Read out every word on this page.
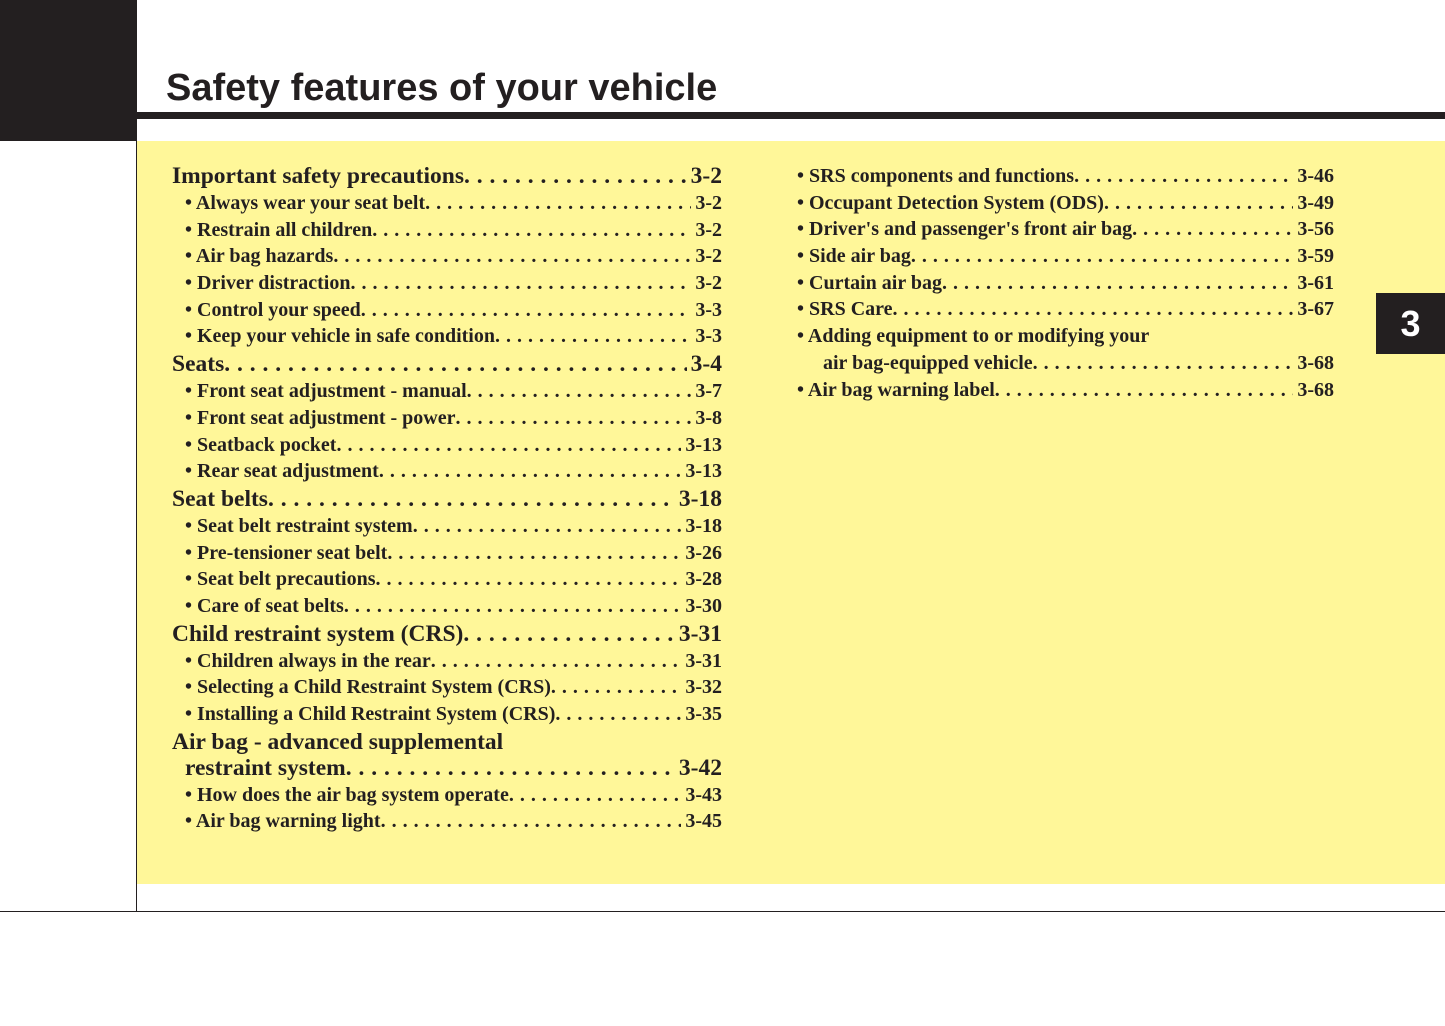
Safety features of your vehicle
3
Important safety precautions . . .	3-2
• Always wear your seat belt . . .	3-2
• Restrain all children . . .	3-2
• Air bag hazards . . .	3-2
• Driver distraction . . .	3-2
• Control your speed . . .	3-3
• Keep your vehicle in safe condition . . .	3-3
Seats . . .	3-4
• Front seat adjustment - manual . . .	3-7
• Front seat adjustment - power . . .	3-8
• Seatback pocket . . .	3-13
• Rear seat adjustment . . .	3-13
Seat belts . . .	3-18
• Seat belt restraint system . . .	3-18
• Pre-tensioner seat belt . . .	3-26
• Seat belt precautions . . .	3-28
• Care of seat belts . . .	3-30
Child restraint system (CRS) . . .	3-31
• Children always in the rear . . .	3-31
• Selecting a Child Restraint System (CRS) . . .	3-32
• Installing a Child Restraint System (CRS) . . .	3-35
Air bag - advanced supplemental
restraint system . . .	3-42
• How does the air bag system operate . . .	3-43
• Air bag warning light . . .	3-45
• SRS components and functions . . .	3-46
• Occupant Detection System (ODS) . . .	3-49
• Driver's and passenger's front air bag . . .	3-56
• Side air bag . . .	3-59
• Curtain air bag . . .	3-61
• SRS Care . . .	3-67
• Adding equipment to or modifying your
air bag-equipped vehicle . . .	3-68
• Air bag warning label . . .	3-68
